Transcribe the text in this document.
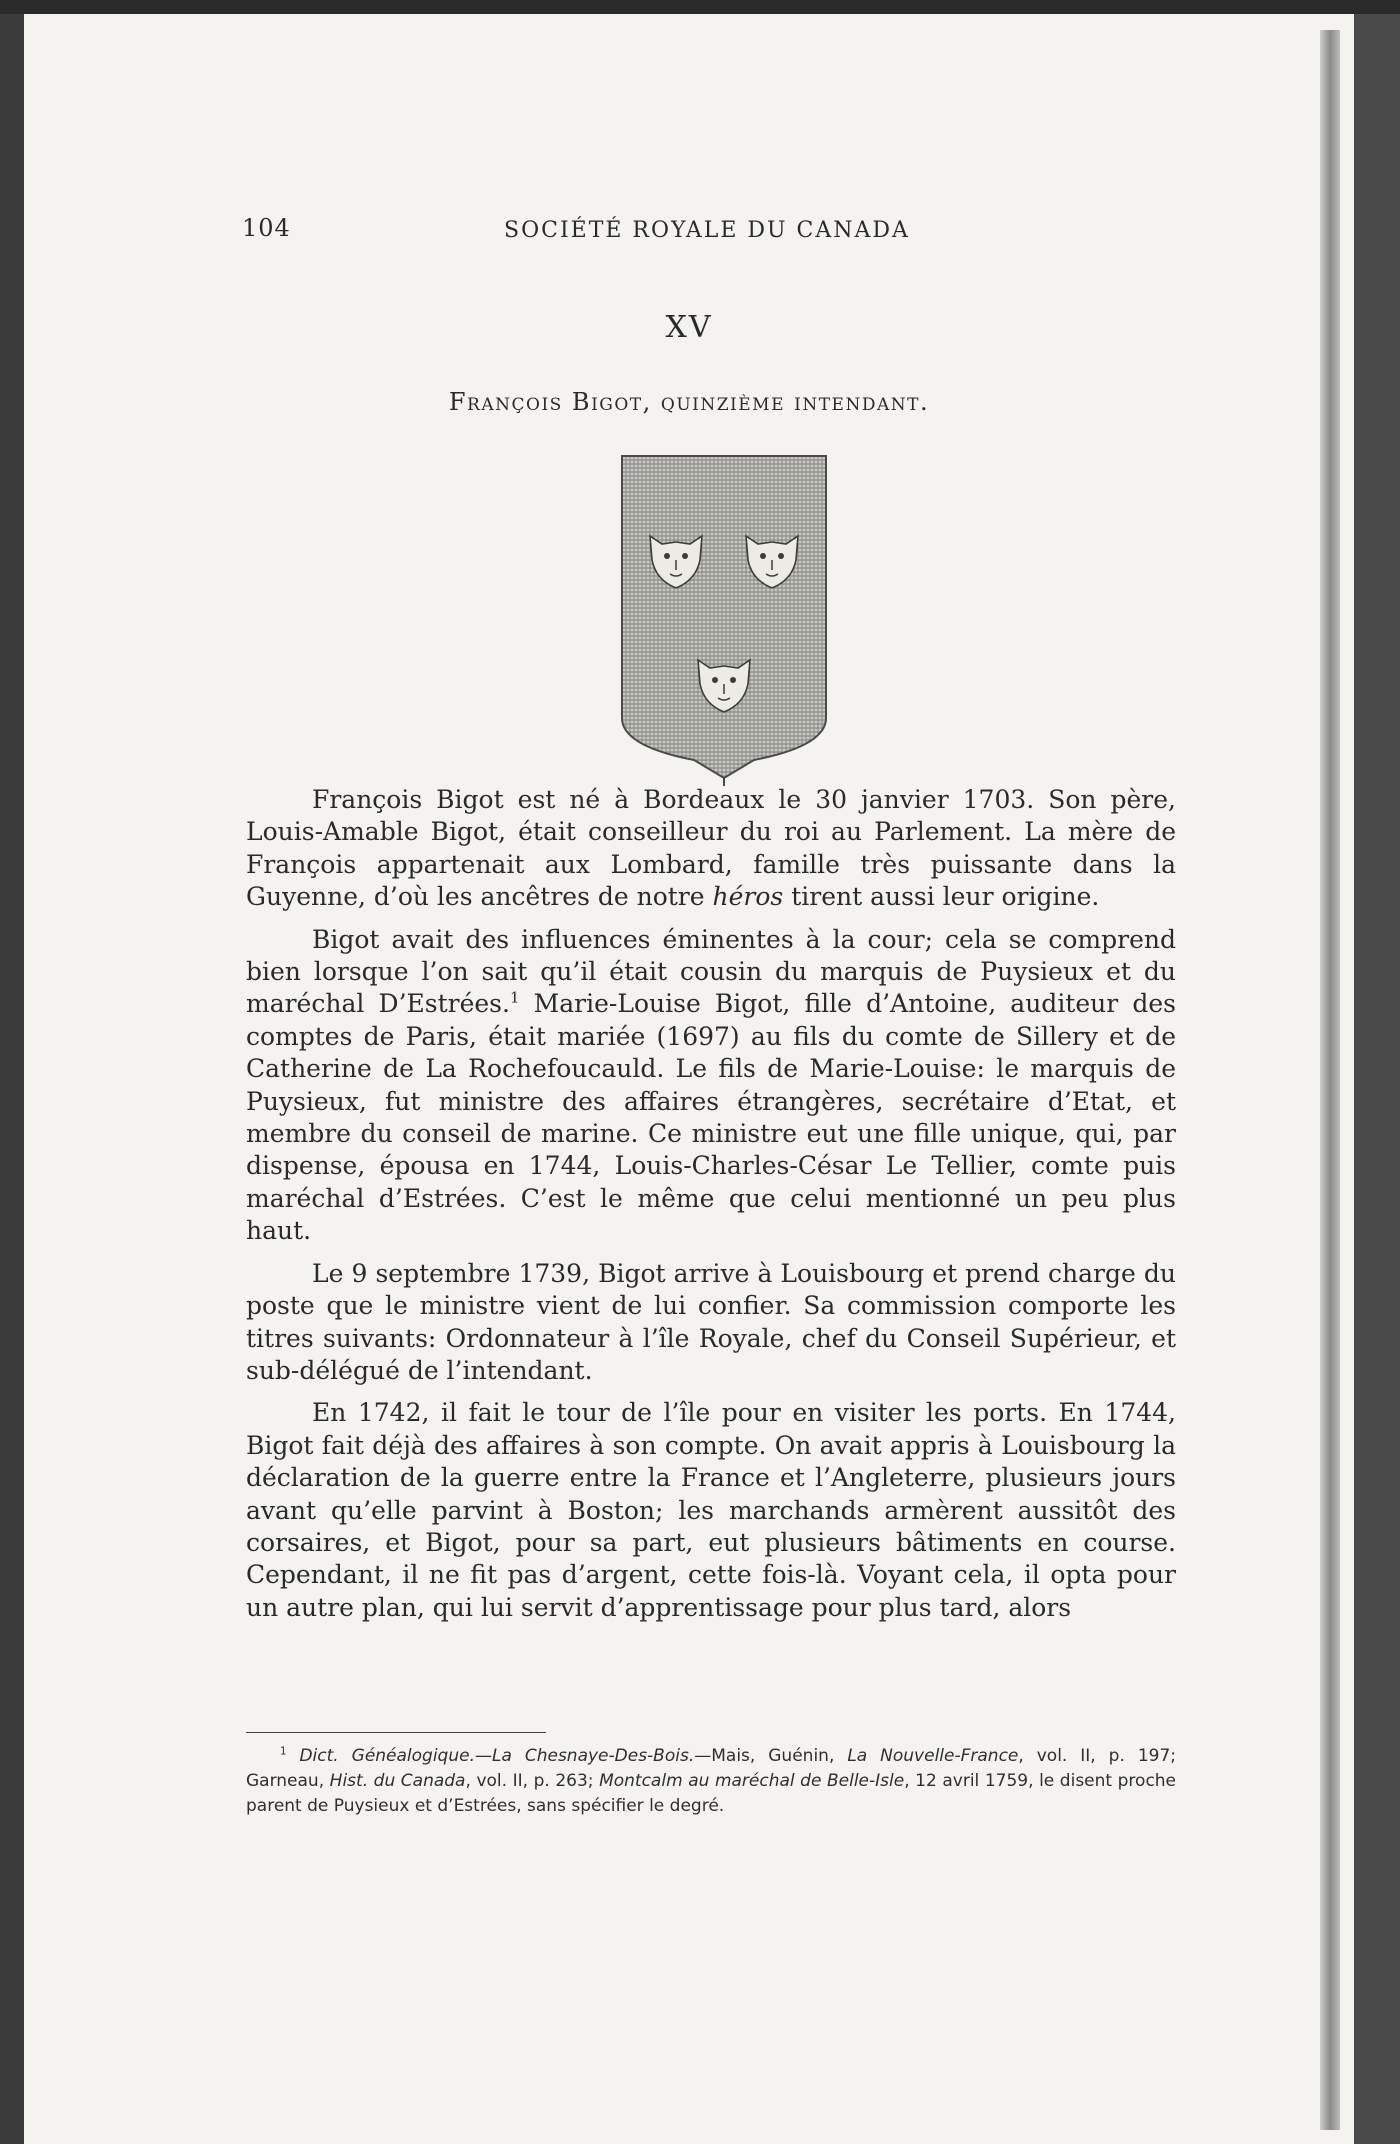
104	SOCIÉTÉ ROYALE DU CANADA
XV
François Bigot, quinzième intendant.

François Bigot est né à Bordeaux le 30 janvier 1703. Son père, Louis-Amable Bigot, était conseilleur du roi au Parlement. La mère de François appartenait aux Lombard, famille très puissante dans la Guyenne, d’où les ancêtres de notre héros tirent aussi leur origine.

Bigot avait des influences éminentes à la cour; cela se comprend bien lorsque l’on sait qu’il était cousin du marquis de Puysieux et du maréchal D’Estrées.$^1$ Marie-Louise Bigot, fille d’Antoine, auditeur des comptes de Paris, était mariée (1697) au fils du comte de Sillery et de Catherine de La Rochefoucauld. Le fils de Marie-Louise: le marquis de Puysieux, fut ministre des affaires étrangères, secrétaire d’Etat, et membre du conseil de marine. Ce ministre eut une fille unique, qui, par dispense, épousa en 1744, Louis-Charles-César Le Tellier, comte puis maréchal d’Estrées. C’est le même que celui mentionné un peu plus haut.

Le 9 septembre 1739, Bigot arrive à Louisbourg et prend charge du poste que le ministre vient de lui confier. Sa commission comporte les titres suivants: Ordonnateur à l’île Royale, chef du Conseil Supérieur, et sub-délégué de l’intendant.

En 1742, il fait le tour de l’île pour en visiter les ports. En 1744, Bigot fait déjà des affaires à son compte. On avait appris à Louisbourg la déclaration de la guerre entre la France et l’Angleterre, plusieurs jours avant qu’elle parvint à Boston; les marchands armèrent aussitôt des corsaires, et Bigot, pour sa part, eut plusieurs bâtiments en course. Cependant, il ne fit pas d’argent, cette fois-là. Voyant cela, il opta pour un autre plan, qui lui servit d’apprentissage pour plus tard, alors

$^1$ Dict. Généalogique.—La Chesnaye-Des-Bois.—Mais, Guénin, La Nouvelle-France, vol. II, p. 197; Garneau, Hist. du Canada, vol. II, p. 263; Montcalm au maréchal de Belle-Isle, 12 avril 1759, le disent proche parent de Puysieux et d’Estrées, sans spécifier le degré.
